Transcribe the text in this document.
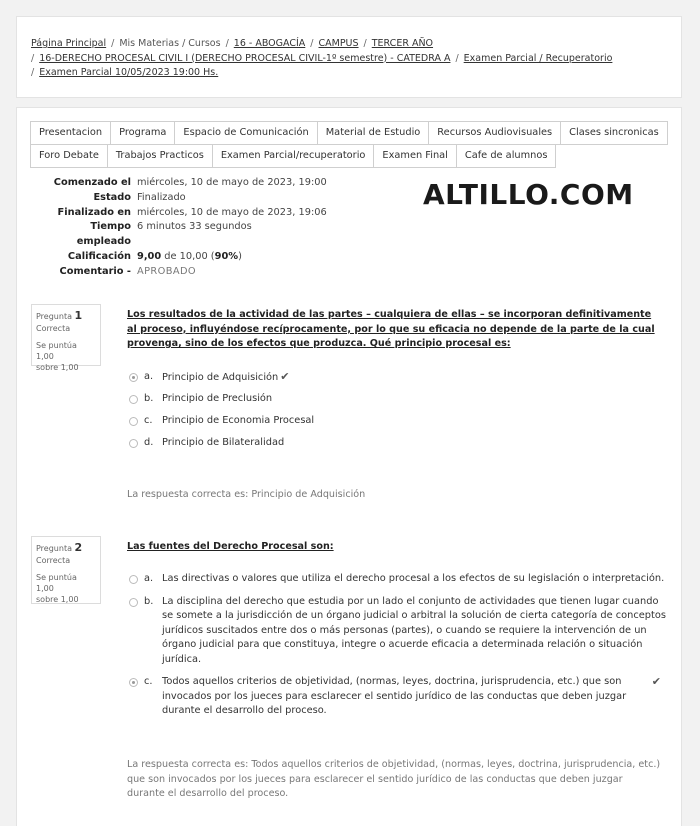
Página Principal / Mis Materias / Cursos / 16 - ABOGACÍA / CAMPUS / TERCER AÑO
/ 16-DERECHO PROCESAL CIVIL I (DERECHO PROCESAL CIVIL-1º semestre) - CATEDRA A / Examen Parcial / Recuperatorio
/ Examen Parcial 10/05/2023 19:00 Hs.
Presentacion	Programa	Espacio de Comunicación	Material de Estudio	Recursos Audiovisuales	Clases sincronicas
Foro Debate	Trabajos Practicos	Examen Parcial/recuperatorio	Examen Final	Cafe de alumnos
Comenzado el miércoles, 10 de mayo de 2023, 19:00
Estado Finalizado
Finalizado en miércoles, 10 de mayo de 2023, 19:06
Tiempo
empleado
6 minutos 33 segundos
Calificación 9,00 de 10,00 (90%)
Comentario - APROBADO
ALTILLO.COM
Pregunta 1
Correcta
Se puntúa 1,00
sobre 1,00
Los resultados de la actividad de las partes – cualquiera de ellas – se incorporan definitivamente al proceso, influyéndose recíprocamente, por lo que su eficacia no depende de la parte de la cual provenga, sino de los efectos que produzca. Qué principio procesal es:
a. Principio de Adquisición ✔
b. Principio de Preclusión
c. Principio de Economia Procesal
d. Principio de Bilateralidad
La respuesta correcta es: Principio de Adquisición
Pregunta 2
Correcta
Se puntúa 1,00
sobre 1,00
Las fuentes del Derecho Procesal son:
a. Las directivas o valores que utiliza el derecho procesal a los efectos de su legislación o interpretación.
b. La disciplina del derecho que estudia por un lado el conjunto de actividades que tienen lugar cuando se somete a la jurisdicción de un órgano judicial o arbitral la solución de cierta categoría de conceptos jurídicos suscitados entre dos o más personas (partes), o cuando se requiere la intervención de un órgano judicial para que constituya, integre o acuerde eficacia a determinada relación o situación jurídica.
c. Todos aquellos criterios de objetividad, (normas, leyes, doctrina, jurisprudencia, etc.) que son invocados por los jueces para esclarecer el sentido jurídico de las conductas que deben juzgar durante el desarrollo del proceso.
✔
La respuesta correcta es: Todos aquellos criterios de objetividad, (normas, leyes, doctrina, jurisprudencia, etc.) que son invocados por los jueces para esclarecer el sentido jurídico de las conductas que deben juzgar durante el desarrollo del proceso.
